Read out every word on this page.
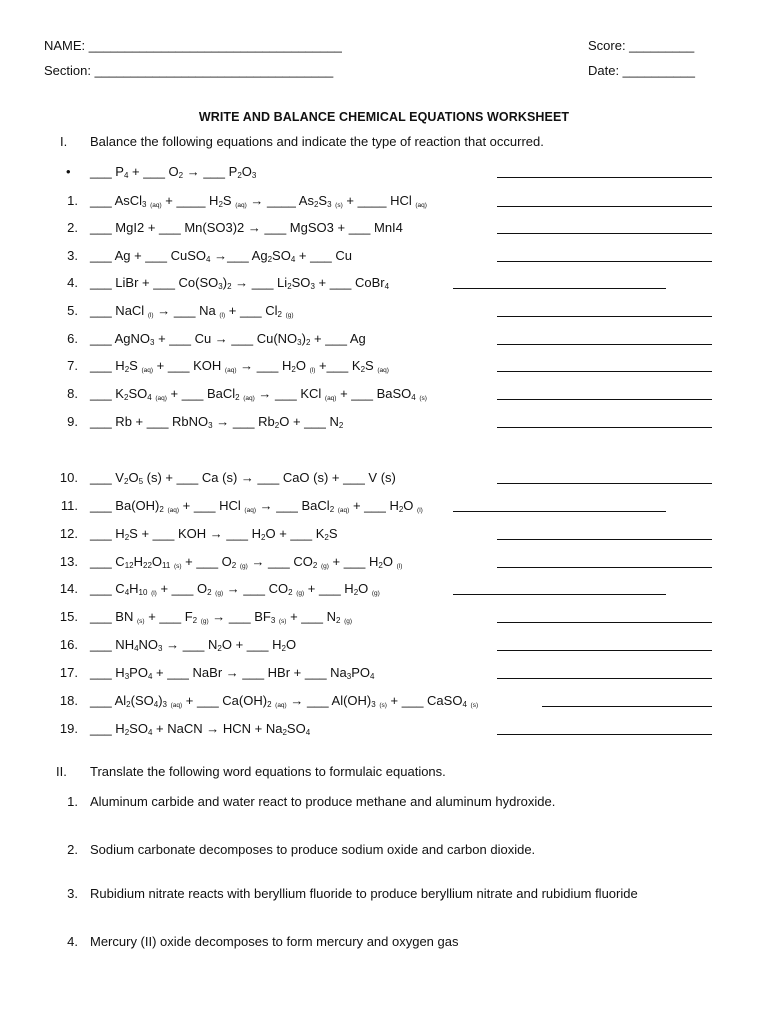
NAME: ___________________________________	Score: _________
Section: _________________________________	Date: __________
WRITE AND BALANCE CHEMICAL EQUATIONS WORKSHEET
I. Balance the following equations and indicate the type of reaction that occurred.
• ___ $P_4$ + ___ $O_2$ → ___ $P_2O_3$
1. ___ AsCl$_3$ (aq) + ____ $H_2S$ (aq) → ____ $As_2S_3$ (s) + ____ HCl (aq)
2. ___ MgI2 + ___ Mn(SO3)2 → ___ MgSO3 + ___ MnI4
3. ___ Ag + ___ CuSO$_4$ →___ $Ag_2SO_4$ + ___ Cu
4. ___ LiBr + ___ $Co(SO_3)_2$ → ___ $Li_2SO_3$ + ___ CoBr$_4$
5. ___ NaCl (l) → ___ Na (l) + ___ $Cl_2$ (g)
6. ___ AgNO$_3$ + ___ Cu → ___ $Cu(NO_3)_2$ + ___ Ag
7. ___ $H_2S$ (aq) + ___ KOH (aq) → ___ $H_2O$ (l) +___ $K_2S$ (aq)
8. ___ $K_2SO_4$ (aq) + ___ BaCl$_2$ (aq) → ___ KCl (aq) + ___ BaSO$_4$ (s)
9. ___ Rb + ___ RbNO$_3$ → ___ $Rb_2O$ + ___ $N_2$
10. ___ $V_2O_5$ (s) + ___ Ca (s) → ___ CaO (s) + ___ V (s)
11. ___ $Ba(OH)_2$ (aq) + ___ HCl (aq) → ___ BaCl$_2$ (aq) + ___ $H_2O$ (l)
12. ___ $H_2S$ + ___ KOH → ___ $H_2O$ + ___ $K_2S$
13. ___ $C_{12}H_{22}O_{11}$ (s) + ___ $O_2$ (g) → ___ $CO_2$ (g) + ___ $H_2O$ (l)
14. ___ $C_4H_{10}$ (l) + ___ $O_2$ (g) → ___ $CO_2$ (g) + ___ $H_2O$ (g)
15. ___ BN (s) + ___ $F_2$ (g) → ___ $BF_3$ (s) + ___ $N_2$ (g)
16. ___ $NH_4NO_3$ → ___ $N_2O$ + ___ $H_2O$
17. ___ $H_3PO_4$ + ___ NaBr → ___ HBr + ___ $Na_3PO_4$
18. ___ $Al_2(SO_4)_3$ (aq) + ___ $Ca(OH)_2$ (aq) → ___ $Al(OH)_3$ (s) + ___ CaSO$_4$ (s)
19. ___ $H_2SO_4$ + NaCN → HCN + $Na_2SO_4$
II. Translate the following word equations to formulaic equations.
1. Aluminum carbide and water react to produce methane and aluminum hydroxide.
2. Sodium carbonate decomposes to produce sodium oxide and carbon dioxide.
3. Rubidium nitrate reacts with beryllium fluoride to produce beryllium nitrate and rubidium fluoride
4. Mercury (II) oxide decomposes to form mercury and oxygen gas
